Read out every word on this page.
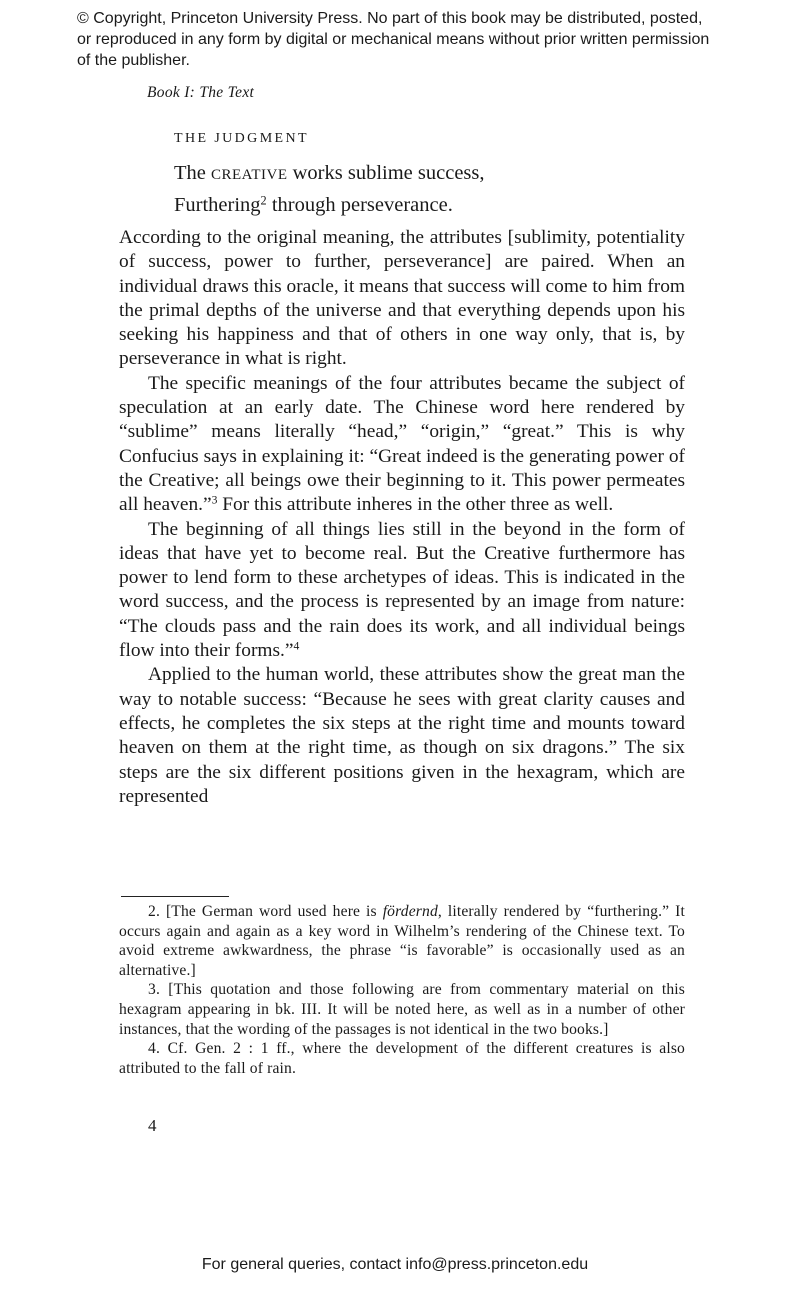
© Copyright, Princeton University Press. No part of this book may be distributed, posted, or reproduced in any form by digital or mechanical means without prior written permission of the publisher.
Book I: The Text
THE JUDGMENT
The CREATIVE works sublime success,
Furthering$^2$ through perseverance.

According to the original meaning, the attributes [sublimity, potentiality of success, power to further, perseverance] are paired. When an individual draws this oracle, it means that success will come to him from the primal depths of the universe and that everything depends upon his seeking his happiness and that of others in one way only, that is, by perseverance in what is right.

The specific meanings of the four attributes became the subject of speculation at an early date. The Chinese word here rendered by “sublime” means literally “head,” “origin,” “great.” This is why Confucius says in explaining it: “Great indeed is the generating power of the Creative; all beings owe their beginning to it. This power permeates all heaven.”$^3$ For this attribute inheres in the other three as well.

The beginning of all things lies still in the beyond in the form of ideas that have yet to become real. But the Creative furthermore has power to lend form to these archetypes of ideas. This is indicated in the word success, and the process is represented by an image from nature: “The clouds pass and the rain does its work, and all individual beings flow into their forms.”$^4$

Applied to the human world, these attributes show the great man the way to notable success: “Because he sees with great clarity causes and effects, he completes the six steps at the right time and mounts toward heaven on them at the right time, as though on six dragons.” The six steps are the six different positions given in the hexagram, which are represented

2. [The German word used here is fördernd, literally rendered by “furthering.” It occurs again and again as a key word in Wilhelm’s rendering of the Chinese text. To avoid extreme awkwardness, the phrase “is favorable” is occasionally used as an alternative.]

3. [This quotation and those following are from commentary material on this hexagram appearing in bk. III. It will be noted here, as well as in a number of other instances, that the wording of the passages is not identical in the two books.]

4. Cf. Gen. 2 : 1 ff., where the development of the different creatures is also attributed to the fall of rain.

4
For general queries, contact info@press.princeton.edu
